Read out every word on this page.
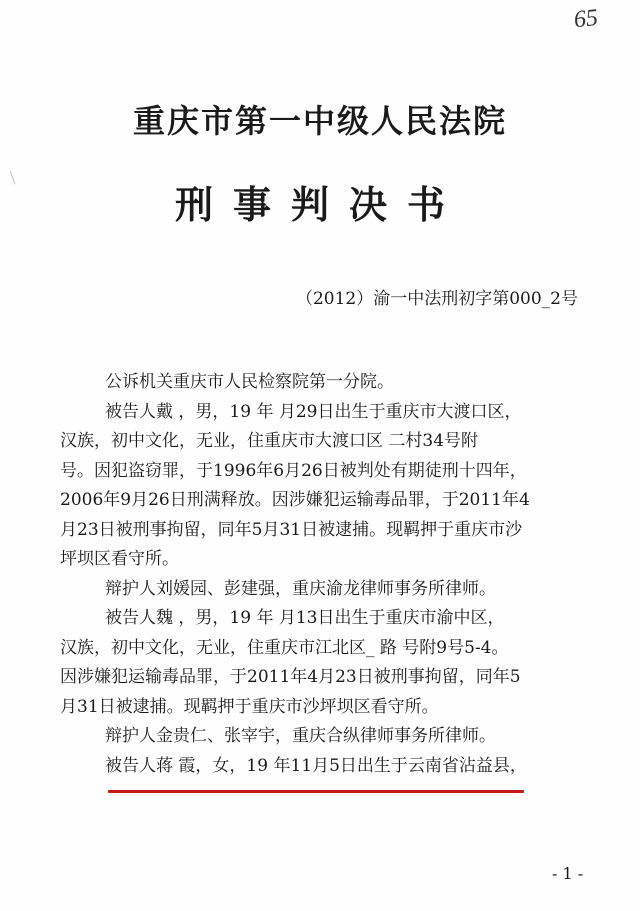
65
重庆市第一中级人民法院
刑事判决书
（2012）渝一中法刑初字第000_2号
公诉机关重庆市人民检察院第一分院。
被告人戴 ，男，19 年 月29日出生于重庆市大渡口区，
汉族，初中文化，无业，住重庆市大渡口区 二村34号附
号。因犯盗窃罪，于1996年6月26日被判处有期徒刑十四年，
2006年9月26日刑满释放。因涉嫌犯运输毒品罪，于2011年4
月23日被刑事拘留，同年5月31日被逮捕。现羁押于重庆市沙
坪坝区看守所。
辩护人刘媛园、彭建强，重庆渝龙律师事务所律师。
被告人魏 ，男，19 年 月13日出生于重庆市渝中区，
汉族，初中文化，无业，住重庆市江北区_ 路 号附9号5-4。
因涉嫌犯运输毒品罪，于2011年4月23日被刑事拘留，同年5
月31日被逮捕。现羁押于重庆市沙坪坝区看守所。
辩护人金贵仁、张宰宇，重庆合纵律师事务所律师。
被告人蒋 霞，女，19 年11月5日出生于云南省沾益县，
- 1 -
